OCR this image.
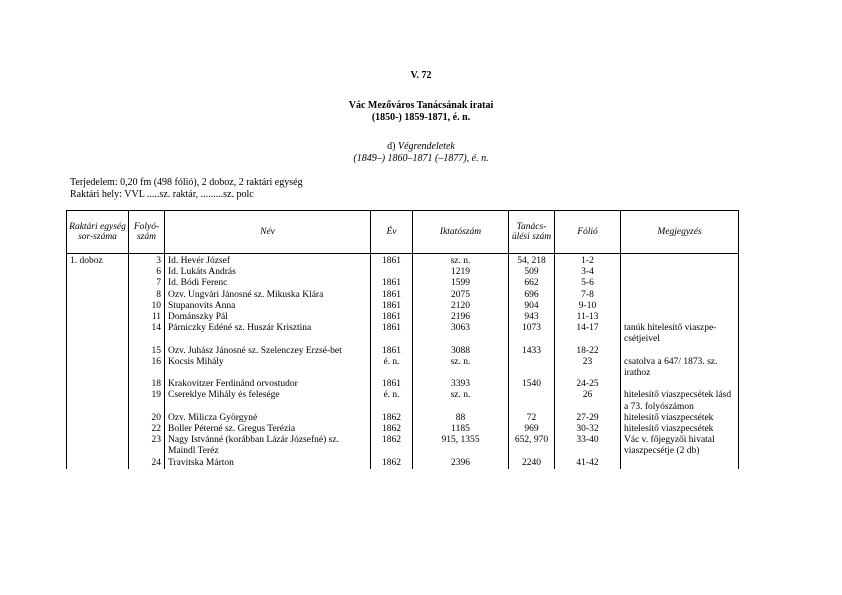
V. 72
Vác Mezőváros Tanácsának iratai
(1850-) 1859-1871, é. n.
d) Végrendeletek
(1849–) 1860–1871 (–1877), é. n.
Terjedelem: 0,20 fm (498 fólió), 2 doboz, 2 raktári egység
Raktári hely: VVL .....sz. raktár, .........sz. polc
Raktári egység sor-száma	Folyó-szám	Név	Év	Iktatószám	Tanács-ülési szám	Fólió	Megjegyzés
1. doboz	3	Id. Hevér József	1861	sz. n.	54, 218	1-2	
	6	Id. Lukáts András		1219	509	3-4	
	7	Id. Bódi Ferenc	1861	1599	662	5-6	
	8	Özv. Ungvári Jánosné sz. Mikuska Klára	1861	2075	696	7-8	
	10	Stupanovits Anna	1861	2120	904	9-10	
	11	Dománszky Pál	1861	2196	943	11-13	
	14	Párniczky Edéné sz. Huszár Krisztina	1861	3063	1073	14-17	tanúk hitelesítő viaszpe-csétjeivel
	15	Özv. Juhász Jánosné sz. Szelenczey Erzsé-bet	1861	3088	1433	18-22	
	16	Kocsis Mihály	é. n.	sz. n.		23	csatolva a 647/ 1873. sz. irathoz
	18	Krakovitzer Ferdinánd orvostudor	1861	3393	1540	24-25	
	19	Csereklye Mihály és felesége	é. n.	sz. n.		26	hitelesítő viaszpecsétek lásd a 73. folyószámon
	20	Özv. Milicza Györgyné	1862	88	72	27-29	hitelesítő viaszpecsétek
	22	Boller Péterné sz. Gregus Terézia	1862	1185	969	30-32	hitelesítő viaszpecsétek
	23	Nagy Istvánné (korábban Lázár Józsefné) sz. Maindl Teréz	1862	915, 1355	652, 970	33-40	Vác v. főjegyzői hivatal viaszpecsétje (2 db)
	24	Travitska Márton	1862	2396	2240	41-42	
